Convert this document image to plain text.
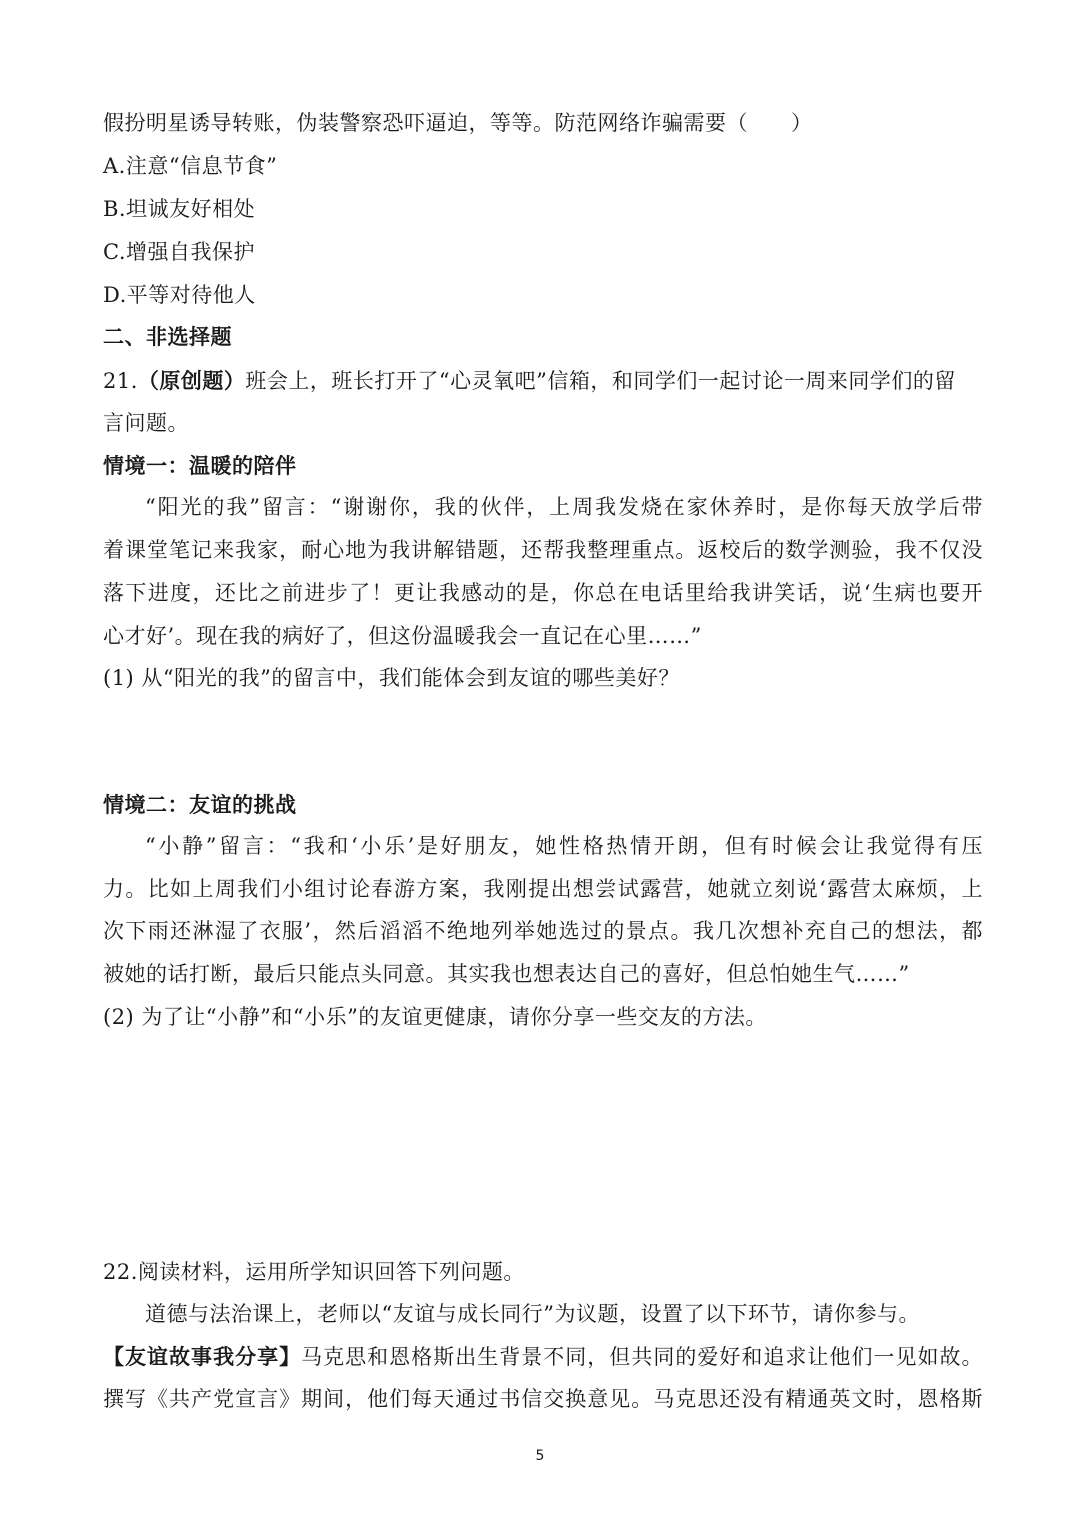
假扮明星诱导转账，伪装警察恐吓逼迫，等等。防范网络诈骗需要（　　）
A.注意“信息节食”
B.坦诚友好相处
C.增强自我保护
D.平等对待他人
二、非选择题
21.（原创题）班会上，班长打开了“心灵氧吧”信箱，和同学们一起讨论一周来同学们的留
言问题。
情境一：温暖的陪伴
“阳光的我”留言：“谢谢你，我的伙伴，上周我发烧在家休养时，是你每天放学后带
着课堂笔记来我家，耐心地为我讲解错题，还帮我整理重点。返校后的数学测验，我不仅没
落下进度，还比之前进步了！更让我感动的是，你总在电话里给我讲笑话，说‘生病也要开
心才好’。现在我的病好了，但这份温暖我会一直记在心里……”
(1) 从“阳光的我”的留言中，我们能体会到友谊的哪些美好？
情境二：友谊的挑战
“小静”留言：“我和‘小乐’是好朋友，她性格热情开朗，但有时候会让我觉得有压
力。比如上周我们小组讨论春游方案，我刚提出想尝试露营，她就立刻说‘露营太麻烦，上
次下雨还淋湿了衣服’，然后滔滔不绝地列举她选过的景点。我几次想补充自己的想法，都
被她的话打断，最后只能点头同意。其实我也想表达自己的喜好，但总怕她生气……”
(2) 为了让“小静”和“小乐”的友谊更健康，请你分享一些交友的方法。
22.阅读材料，运用所学知识回答下列问题。
道德与法治课上，老师以“友谊与成长同行”为议题，设置了以下环节，请你参与。
【友谊故事我分享】马克思和恩格斯出生背景不同，但共同的爱好和追求让他们一见如故。
撰写《共产党宣言》期间，他们每天通过书信交换意见。马克思还没有精通英文时，恩格斯
5
